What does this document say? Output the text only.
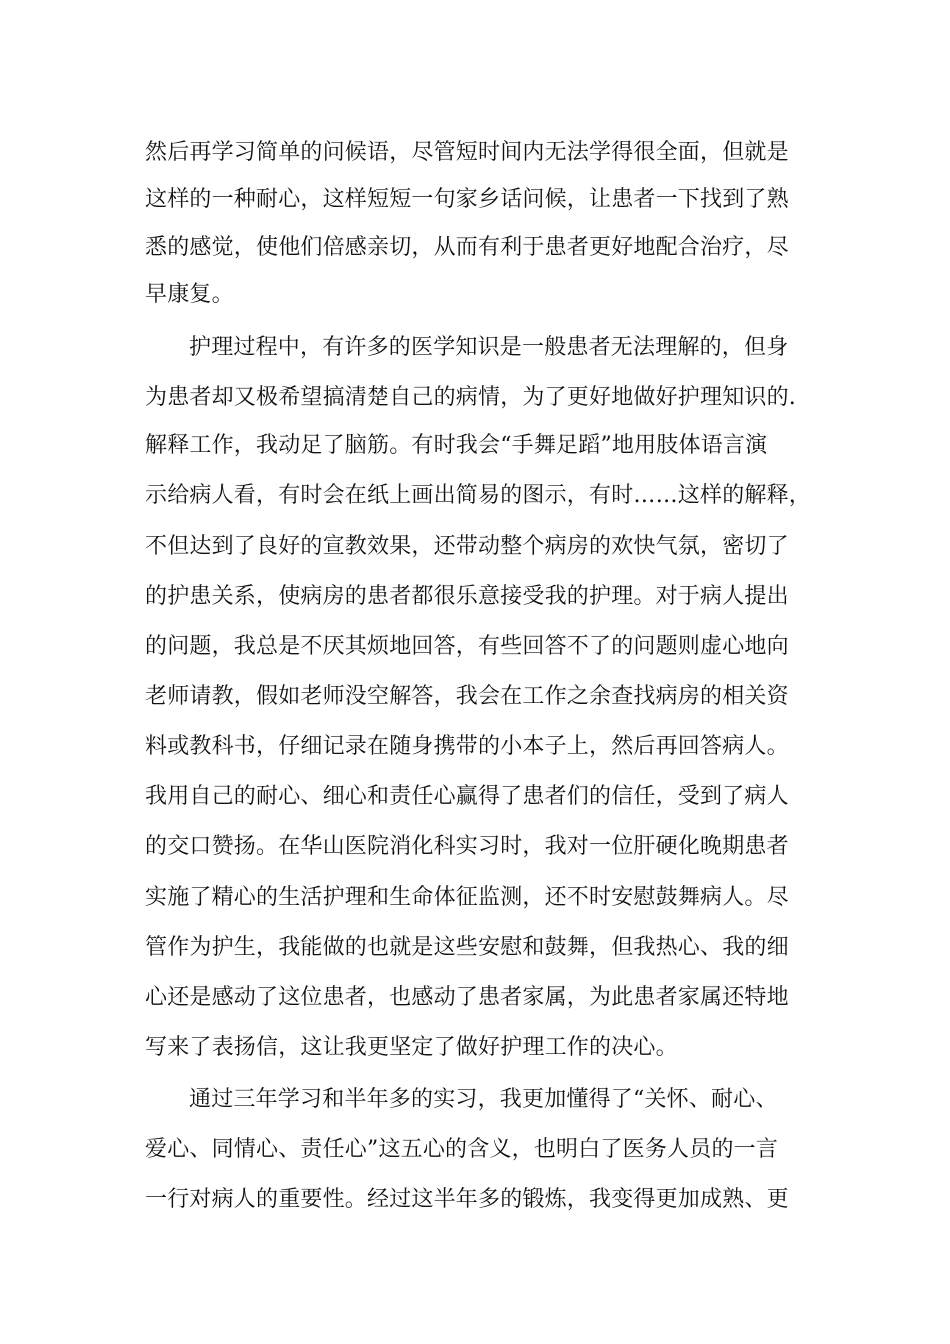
然后再学习简单的问候语，尽管短时间内无法学得很全面，但就是
这样的一种耐心，这样短短一句家乡话问候，让患者一下找到了熟
悉的感觉，使他们倍感亲切，从而有利于患者更好地配合治疗，尽
早康复。
护理过程中，有许多的医学知识是一般患者无法理解的，但身
为患者却又极希望搞清楚自己的病情，为了更好地做好护理知识的.
解释工作，我动足了脑筋。有时我会“手舞足蹈”地用肢体语言演
示给病人看，有时会在纸上画出简易的图示，有时……这样的解释，
不但达到了良好的宣教效果，还带动整个病房的欢快气氛，密切了
的护患关系，使病房的患者都很乐意接受我的护理。对于病人提出
的问题，我总是不厌其烦地回答，有些回答不了的问题则虚心地向
老师请教，假如老师没空解答，我会在工作之余查找病房的相关资
料或教科书，仔细记录在随身携带的小本子上，然后再回答病人。
我用自己的耐心、细心和责任心赢得了患者们的信任，受到了病人
的交口赞扬。在华山医院消化科实习时，我对一位肝硬化晚期患者
实施了精心的生活护理和生命体征监测，还不时安慰鼓舞病人。尽
管作为护生，我能做的也就是这些安慰和鼓舞，但我热心、我的细
心还是感动了这位患者，也感动了患者家属，为此患者家属还特地
写来了表扬信，这让我更坚定了做好护理工作的决心。
通过三年学习和半年多的实习，我更加懂得了“关怀、耐心、
爱心、同情心、责任心”这五心的含义，也明白了医务人员的一言
一行对病人的重要性。经过这半年多的锻炼，我变得更加成熟、更
